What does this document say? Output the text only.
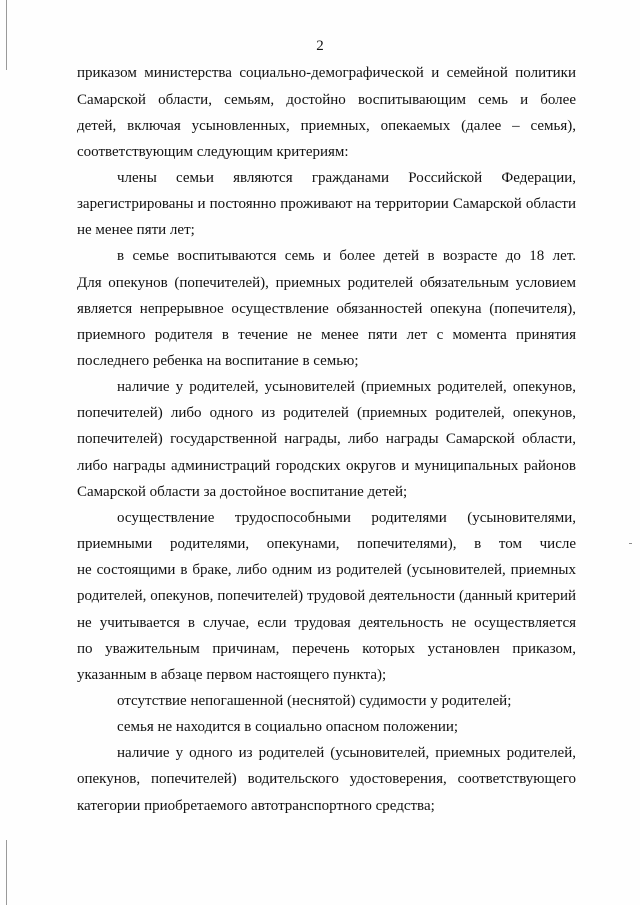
2
приказом министерства социально-демографической и семейной политики
Самарской области, семьям, достойно воспитывающим семь и более
детей, включая усыновленных, приемных, опекаемых (далее – семья),
соответствующим следующим критериям:
члены семьи являются гражданами Российской Федерации,
зарегистрированы и постоянно проживают на территории Самарской области
не менее пяти лет;
в семье воспитываются семь и более детей в возрасте до 18 лет.
Для опекунов (попечителей), приемных родителей обязательным условием
является непрерывное осуществление обязанностей опекуна (попечителя),
приемного родителя в течение не менее пяти лет с момента принятия
последнего ребенка на воспитание в семью;
наличие у родителей, усыновителей (приемных родителей, опекунов,
попечителей) либо одного из родителей (приемных родителей, опекунов,
попечителей) государственной награды, либо награды Самарской области,
либо награды администраций городских округов и муниципальных районов
Самарской области за достойное воспитание детей;
осуществление трудоспособными родителями (усыновителями,
приемными родителями, опекунами, попечителями), в том числе
не состоящими в браке, либо одним из родителей (усыновителей, приемных
родителей, опекунов, попечителей) трудовой деятельности (данный критерий
не учитывается в случае, если трудовая деятельность не осуществляется
по уважительным причинам, перечень которых установлен приказом,
указанным в абзаце первом настоящего пункта);
отсутствие непогашенной (неснятой) судимости у родителей;
семья не находится в социально опасном положении;
наличие у одного из родителей (усыновителей, приемных родителей,
опекунов, попечителей) водительского удостоверения, соответствующего
категории приобретаемого автотранспортного средства;
